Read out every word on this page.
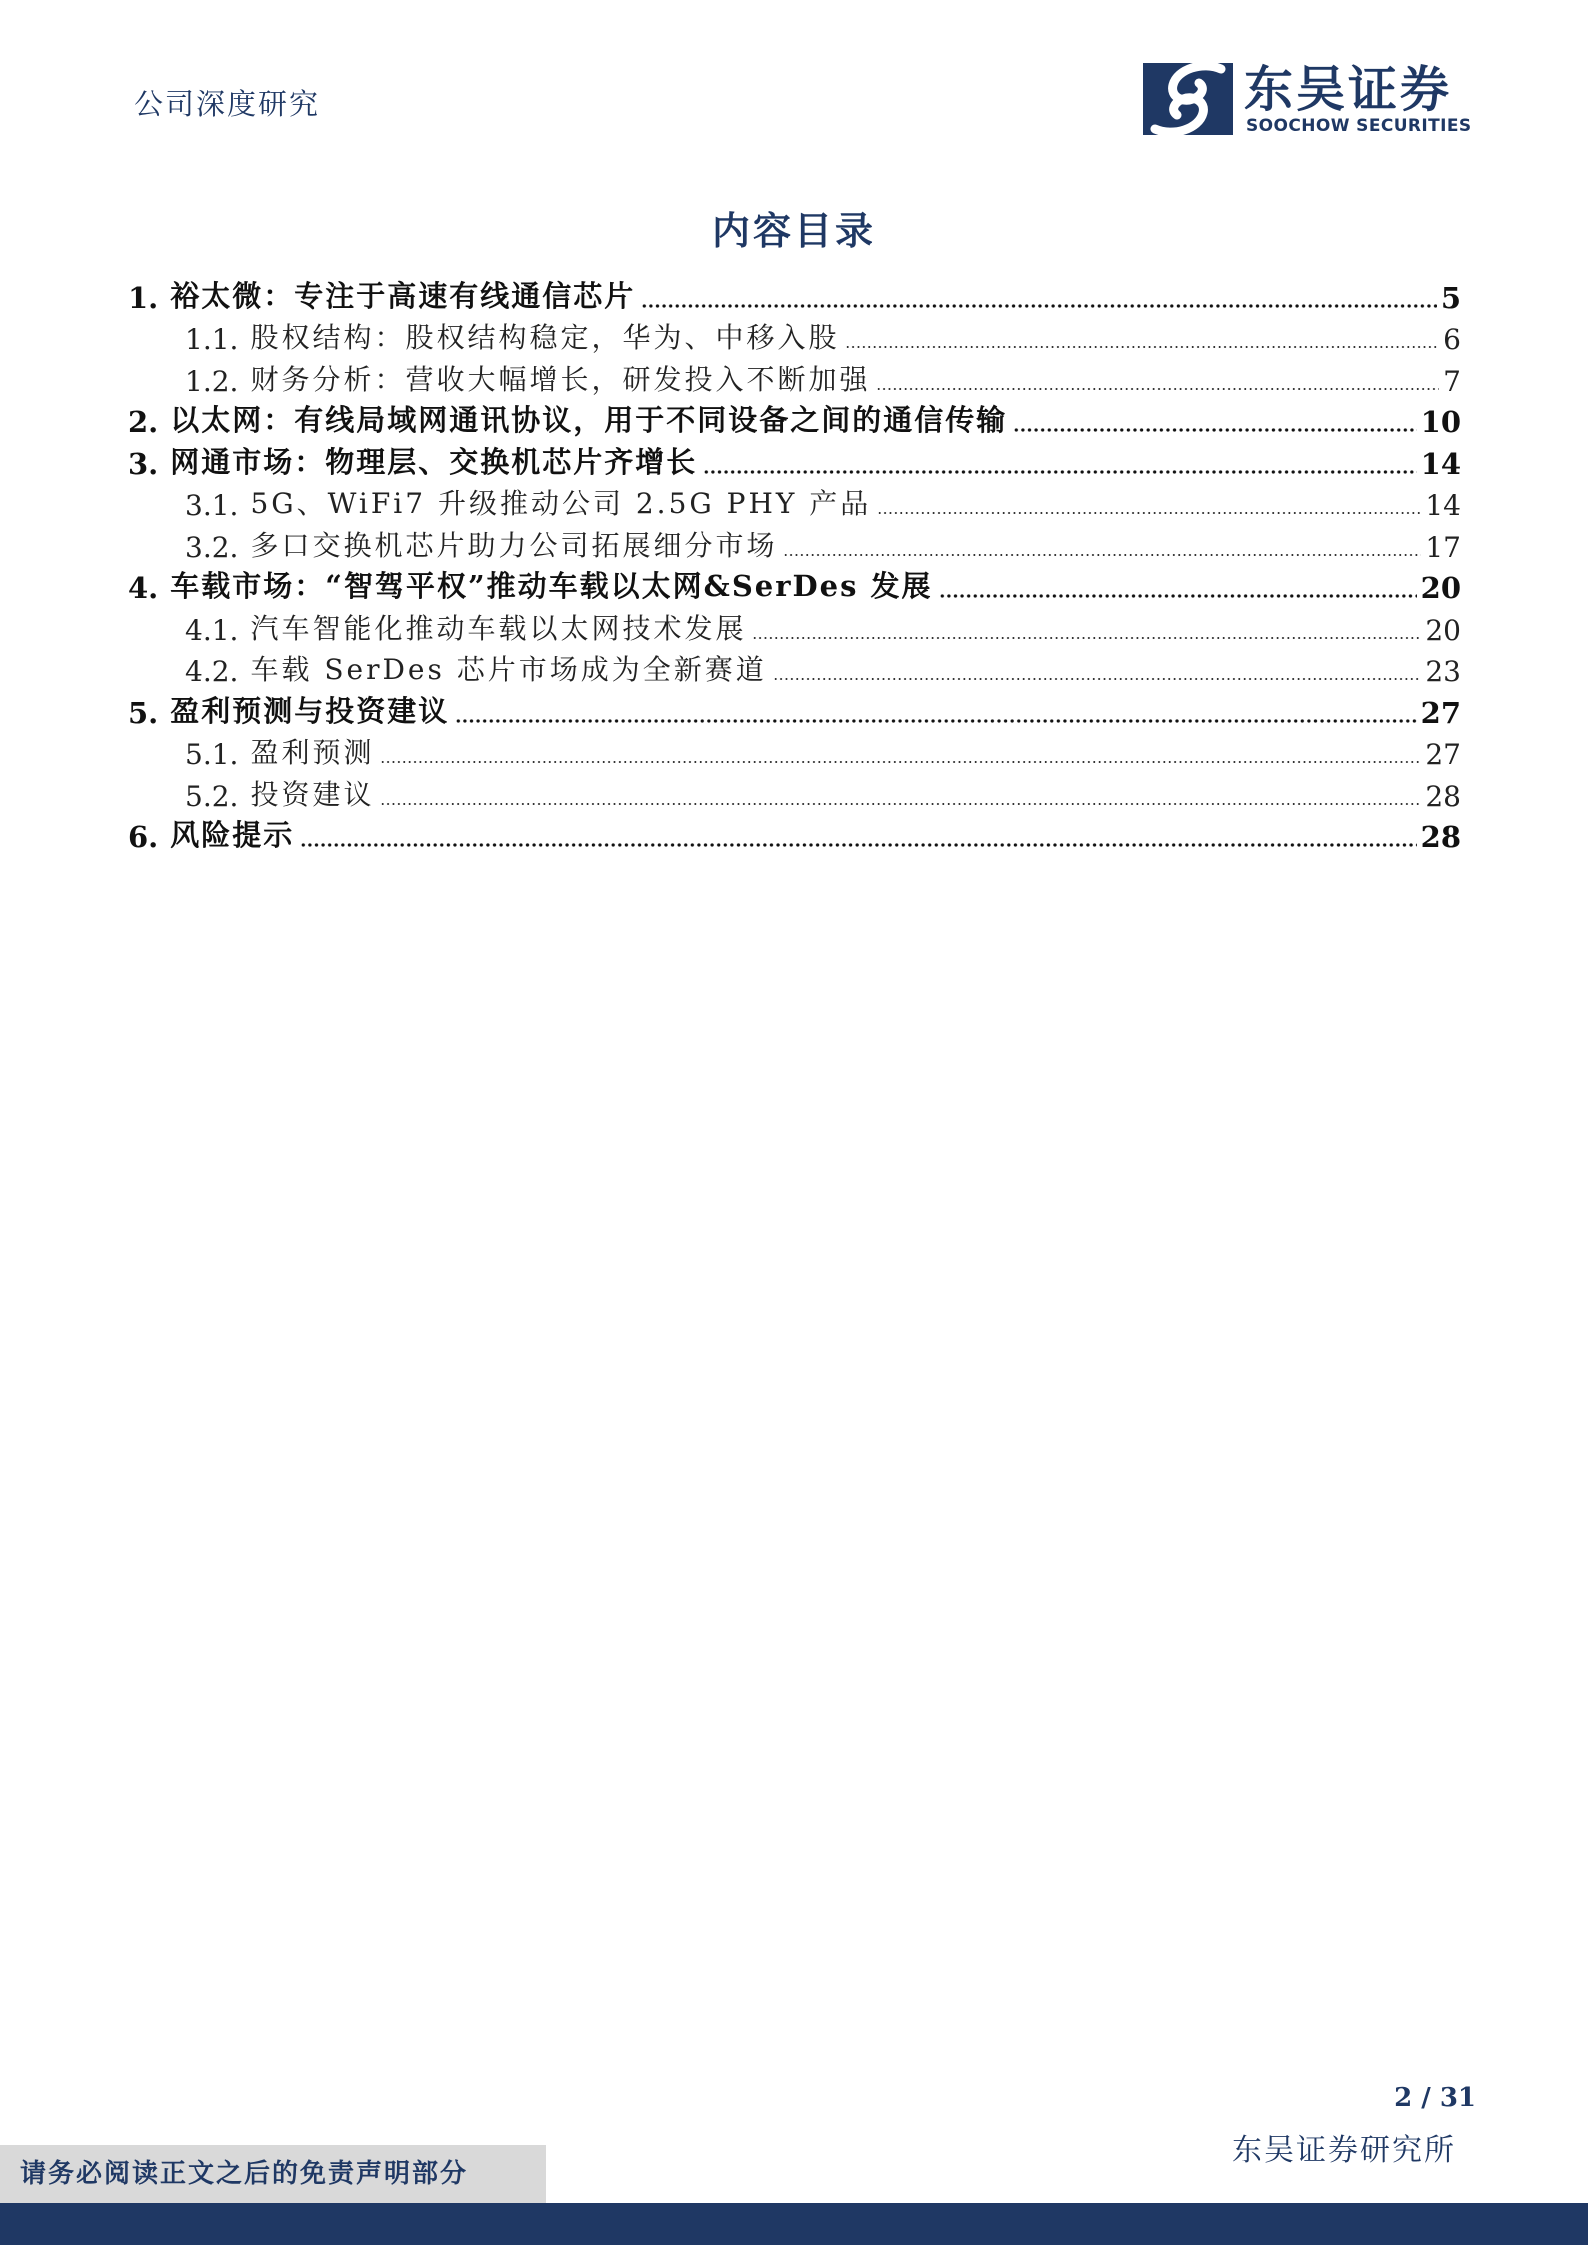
公司深度研究	东吴证券
SOOCHOW SECURITIES
内容目录
1. 裕太微：专注于高速有线通信芯片	5
1.1. 股权结构：股权结构稳定，华为、中移入股	6
1.2. 财务分析：营收大幅增长，研发投入不断加强	7
2. 以太网：有线局域网通讯协议，用于不同设备之间的通信传输	10
3. 网通市场：物理层、交换机芯片齐增长	14
3.1. 5G、WiFi7 升级推动公司 2.5G PHY 产品	14
3.2. 多口交换机芯片助力公司拓展细分市场	17
4. 车载市场：“智驾平权”推动车载以太网&SerDes 发展	20
4.1. 汽车智能化推动车载以太网技术发展	20
4.2. 车载 SerDes 芯片市场成为全新赛道	23
5. 盈利预测与投资建议	27
5.1. 盈利预测	27
5.2. 投资建议	28
6. 风险提示	28
2 / 31
东吴证券研究所
请务必阅读正文之后的免责声明部分
